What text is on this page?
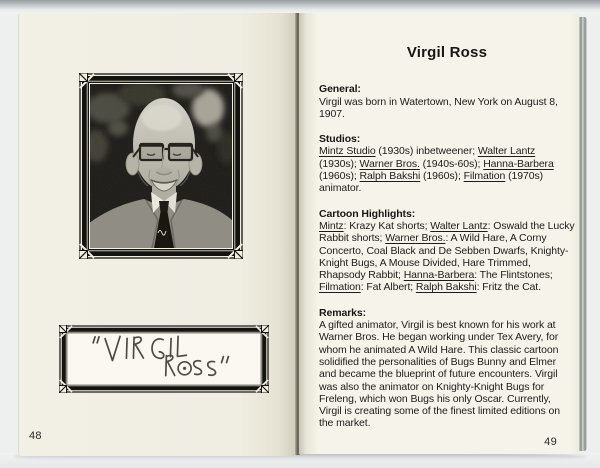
48
Virgil Ross
General:

Virgil was born in Watertown, New York on August 8, 1907.

Studios:

Mintz Studio (1930s) inbetweener; Walter Lantz (1930s); Warner Bros. (1940s-60s); Hanna-Barbera (1960s); Ralph Bakshi (1960s); Filmation (1970s) animator.

Cartoon Highlights:

Mintz: Krazy Kat shorts; Walter Lantz: Oswald the Lucky Rabbit shorts; Warner Bros.: A Wild Hare, A Corny Concerto, Coal Black and De Sebben Dwarfs, Knighty-Knight Bugs, A Mouse Divided, Hare Trimmed, Rhapsody Rabbit; Hanna-Barbera: The Flintstones; Filmation: Fat Albert; Ralph Bakshi: Fritz the Cat.

Remarks:

A gifted animator, Virgil is best known for his work at Warner Bros. He began working under Tex Avery, for whom he animated A Wild Hare. This classic cartoon solidified the personalities of Bugs Bunny and Elmer and became the blueprint of future encounters. Virgil was also the animator on Knighty-Knight Bugs for Freleng, which won Bugs his only Oscar. Currently, Virgil is creating some of the finest limited editions on the market.

49
